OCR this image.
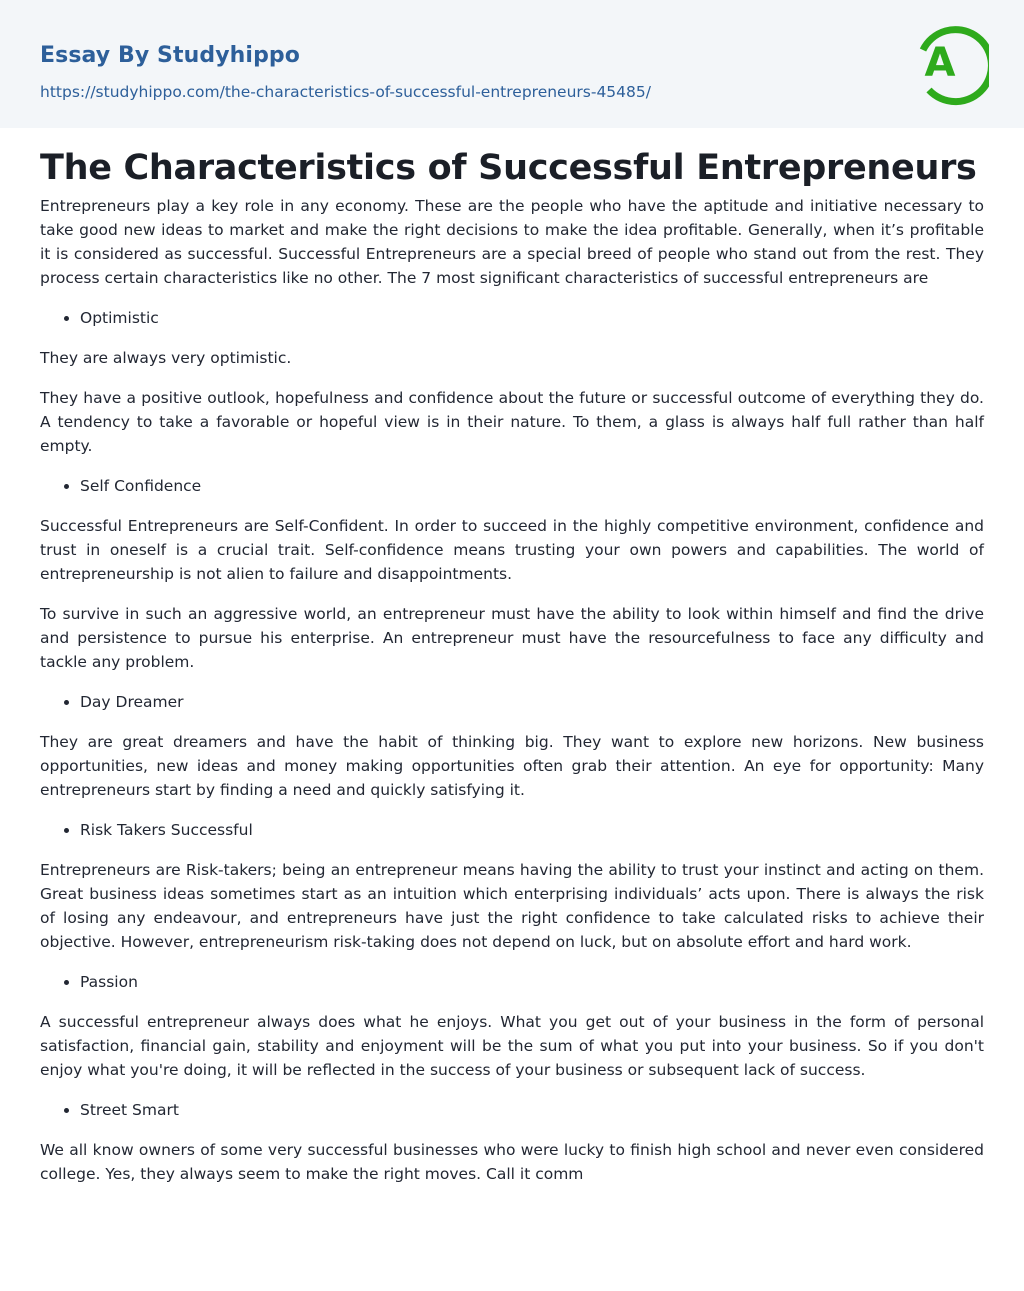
Essay By Studyhippo
https://studyhippo.com/the-characteristics-of-successful-entrepreneurs-45485/
A
The Characteristics of Successful Entrepreneurs

Entrepreneurs play a key role in any economy. These are the people who have the aptitude and initiative necessary to take good new ideas to market and make the right decisions to make the idea profitable. Generally, when it’s profitable it is considered as successful. Successful Entrepreneurs are a special breed of people who stand out from the rest. They process certain characteristics like no other. The 7 most significant characteristics of successful entrepreneurs are

• Optimistic

They are always very optimistic.

They have a positive outlook, hopefulness and confidence about the future or successful outcome of everything they do. A tendency to take a favorable or hopeful view is in their nature. To them, a glass is always half full rather than half empty.

• Self Confidence

Successful Entrepreneurs are Self-Confident. In order to succeed in the highly competitive environment, confidence and trust in oneself is a crucial trait. Self-confidence means trusting your own powers and capabilities. The world of entrepreneurship is not alien to failure and disappointments.

To survive in such an aggressive world, an entrepreneur must have the ability to look within himself and find the drive and persistence to pursue his enterprise. An entrepreneur must have the resourcefulness to face any difficulty and tackle any problem.

• Day Dreamer

They are great dreamers and have the habit of thinking big. They want to explore new horizons. New business opportunities, new ideas and money making opportunities often grab their attention. An eye for opportunity: Many entrepreneurs start by finding a need and quickly satisfying it.

• Risk Takers Successful

Entrepreneurs are Risk-takers; being an entrepreneur means having the ability to trust your instinct and acting on them. Great business ideas sometimes start as an intuition which enterprising individuals’ acts upon. There is always the risk of losing any endeavour, and entrepreneurs have just the right confidence to take calculated risks to achieve their objective. However, entrepreneurism risk-taking does not depend on luck, but on absolute effort and hard work.

• Passion

A successful entrepreneur always does what he enjoys. What you get out of your business in the form of personal satisfaction, financial gain, stability and enjoyment will be the sum of what you put into your business. So if you don't enjoy what you're doing, it will be reflected in the success of your business or subsequent lack of success.

• Street Smart

We all know owners of some very successful businesses who were lucky to finish high school and never even considered college. Yes, they always seem to make the right moves. Call it comm
